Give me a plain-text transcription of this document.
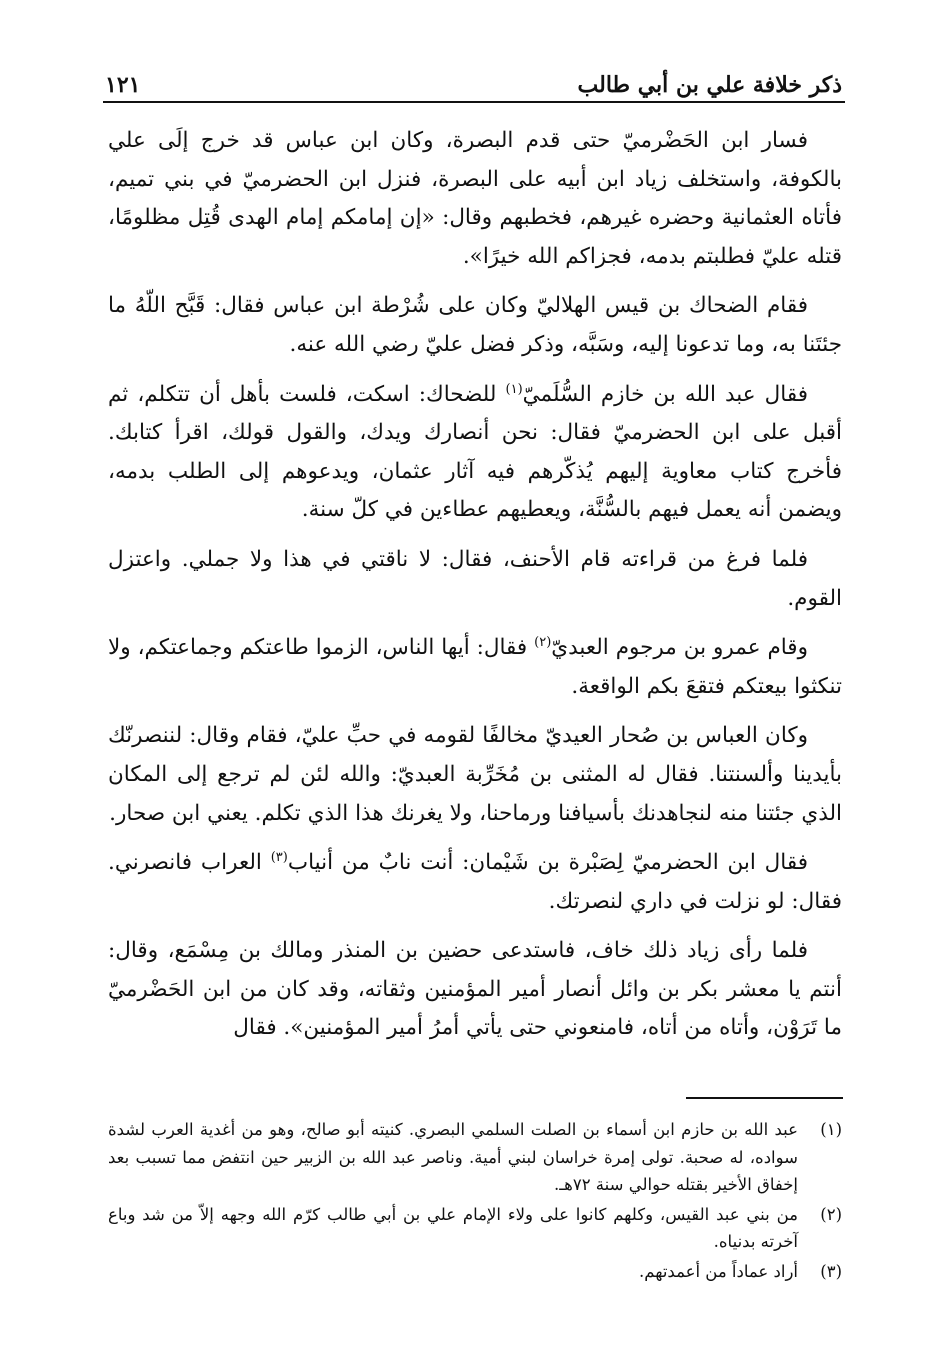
ذكر خلافة علي بن أبي طالب
١٢١

فسار ابن الحَضْرميّ حتى قدم البصرة، وكان ابن عباس قد خرج إلَى علي بالكوفة، واستخلف زياد ابن أبيه على البصرة، فنزل ابن الحضرميّ في بني تميم، فأتاه العثمانية وحضره غيرهم، فخطبهم وقال: «إن إمامكم إمام الهدى قُتِل مظلومًا، قتله عليّ فطلبتم بدمه، فجزاكم الله خيرًا».

فقام الضحاك بن قيس الهلاليّ وكان على شُرْطة ابن عباس فقال: قَبَّح اللّهُ ما جئتَنا به، وما تدعونا إليه، وسَبَّه، وذكر فضل عليّ رضي الله عنه.

فقال عبد الله بن خازم السُّلَميّ$^{(١)}$ للضحاك: اسكت، فلست بأهل أن تتكلم، ثم أقبل على ابن الحضرميّ فقال: نحن أنصارك ويدك، والقول قولك، اقرأ كتابك. فأخرج كتاب معاوية إليهم يُذكّرهم فيه آثار عثمان، ويدعوهم إلى الطلب بدمه، ويضمن أنه يعمل فيهم بالسُّنَّة، ويعطيهم عطاءين في كلّ سنة.

فلما فرغ من قراءته قام الأحنف، فقال: لا ناقتي في هذا ولا جملي. واعتزل القوم.

وقام عمرو بن مرجوم العبديّ$^{(٢)}$ فقال: أيها الناس، الزموا طاعتكم وجماعتكم، ولا تنكثوا بيعتكم فتقعَ بكم الواقعة.

وكان العباس بن صُحار العيديّ مخالفًا لقومه في حبِّ عليّ، فقام وقال: لننصرنّك بأيدينا وألسنتنا. فقال له المثنى بن مُخَرِّبة العبديّ: والله لئن لم ترجع إلى المكان الذي جئتنا منه لنجاهدنك بأسيافنا ورماحنا، ولا يغرنك هذا الذي تكلم. يعني ابن صحار.

فقال ابن الحضرميّ لِصَبْرة بن شَيْمان: أنت نابٌ من أنياب$^{(٣)}$ العراب فانصرني. فقال: لو نزلت في داري لنصرتك.

فلما رأى زياد ذلك خاف، فاستدعى حضين بن المنذر ومالك بن مِسْمَع، وقال: أنتم يا معشر بكر بن وائل أنصار أمير المؤمنين وثقاته، وقد كان من ابن الحَضْرميّ ما تَرَوْن، وأتاه من أتاه، فامنعوني حتى يأتي أمرُ أمير المؤمنين». فقال

(١)
عبد الله بن حازم ابن أسماء بن الصلت السلمي البصري. كنيته أبو صالح، وهو من أغدية العرب لشدة سواده، له صحبة. تولى إمرة خراسان لبني أمية. وناصر عبد الله بن الزبير حين انتفض مما تسبب بعد إخفاق الأخير بقتله حوالي سنة ٧٢هـ.
(٢)
من بني عبد القيس، وكلهم كانوا على ولاء الإمام علي بن أبي طالب كرّم الله وجهه إلاّ من شد وباع آخرته بدنياه.
(٣)
أراد عماداً من أعمدتهم.
